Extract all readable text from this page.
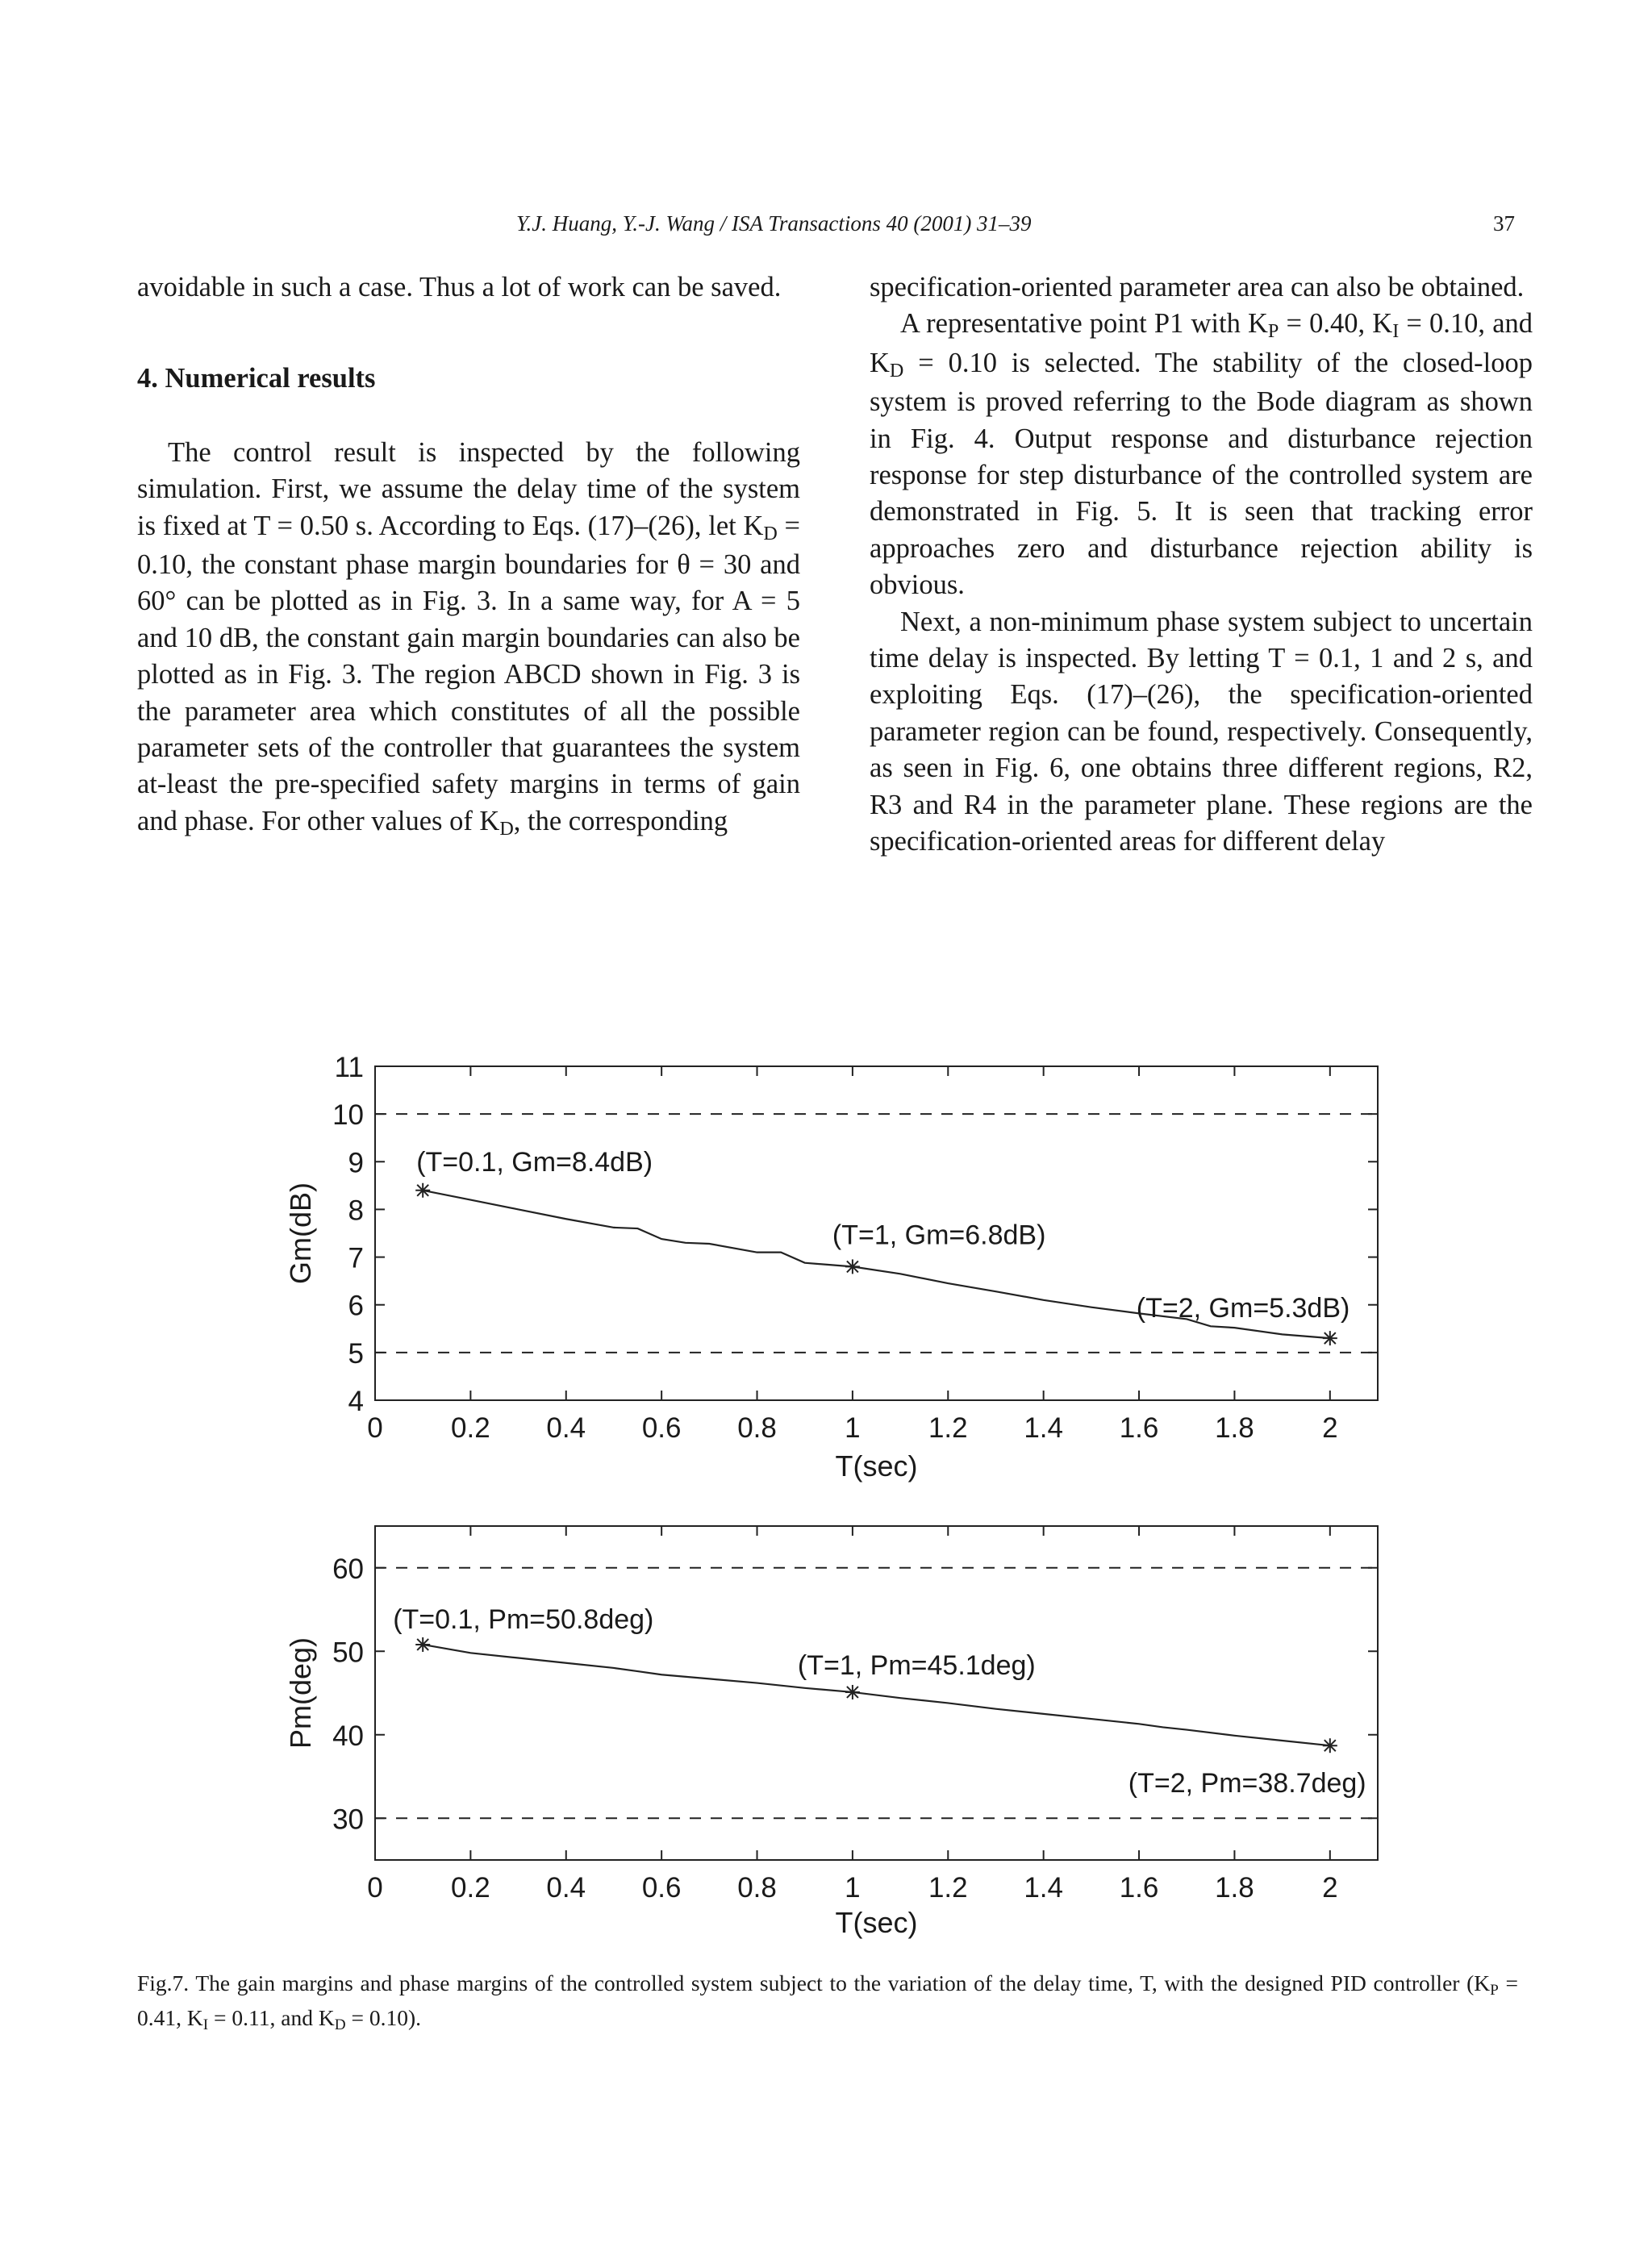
Y.J. Huang, Y.-J. Wang / ISA Transactions 40 (2001) 31–39	37

avoidable in such a case. Thus a lot of work can be saved.

4. Numerical results

The control result is inspected by the following simulation. First, we assume the delay time of the system is fixed at T = 0.50 s. According to Eqs. (17)–(26), let KD = 0.10, the constant phase margin boundaries for θ = 30 and 60° can be plotted as in Fig. 3. In a same way, for A = 5 and 10 dB, the constant gain margin boundaries can also be plotted as in Fig. 3. The region ABCD shown in Fig. 3 is the parameter area which constitutes of all the possible parameter sets of the controller that guarantees the system at-least the pre-specified safety margins in terms of gain and phase. For other values of KD, the corresponding

specification-oriented parameter area can also be obtained.

A representative point P1 with KP = 0.40, KI = 0.10, and KD = 0.10 is selected. The stability of the closed-loop system is proved referring to the Bode diagram as shown in Fig. 4. Output response and disturbance rejection response for step disturbance of the controlled system are demonstrated in Fig. 5. It is seen that tracking error approaches zero and disturbance rejection ability is obvious.

Next, a non-minimum phase system subject to uncertain time delay is inspected. By letting T = 0.1, 1 and 2 s, and exploiting Eqs. (17)–(26), the specification-oriented parameter region can be found, respectively. Consequently, as seen in Fig. 6, one obtains three different regions, R2, R3 and R4 in the parameter plane. These regions are the specification-oriented areas for different delay

0 0.2 0.4 0.6 0.8 1 1.2 1.4 1.6 1.8 2
4
5
6
7
8
9
10
11
T(sec)
Gm(dB)
(T=0.1, Gm=8.4dB)
(T=1, Gm=6.8dB)
(T=2, Gm=5.3dB)
0 0.2 0.4 0.6 0.8 1 1.2 1.4 1.6 1.8 2
30
40
50
60
T(sec)
Pm(deg)
(T=0.1, Pm=50.8deg)
(T=1, Pm=45.1deg)
(T=2, Pm=38.7deg)
Fig.7. The gain margins and phase margins of the controlled system subject to the variation of the delay time, T, with the designed PID controller (KP = 0.41, KI = 0.11, and KD = 0.10).
